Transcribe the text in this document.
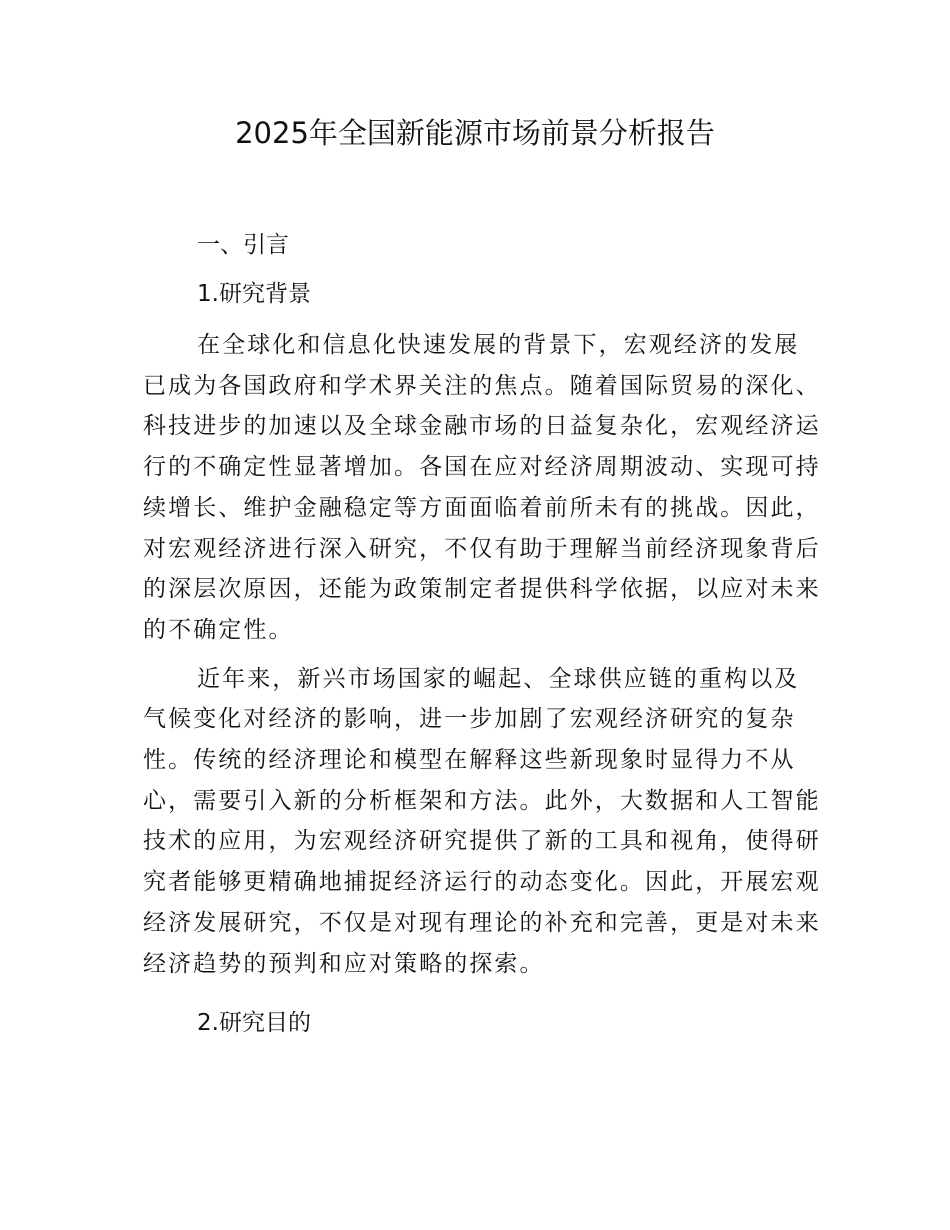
2025年全国新能源市场前景分析报告
一、引言
1.研究背景

在全球化和信息化快速发展的背景下，宏观经济的发展
已成为各国政府和学术界关注的焦点。随着国际贸易的深化、
科技进步的加速以及全球金融市场的日益复杂化，宏观经济运
行的不确定性显著增加。各国在应对经济周期波动、实现可持
续增长、维护金融稳定等方面面临着前所未有的挑战。因此，
对宏观经济进行深入研究，不仅有助于理解当前经济现象背后
的深层次原因，还能为政策制定者提供科学依据，以应对未来
的不确定性。

近年来，新兴市场国家的崛起、全球供应链的重构以及
气候变化对经济的影响，进一步加剧了宏观经济研究的复杂
性。传统的经济理论和模型在解释这些新现象时显得力不从
心，需要引入新的分析框架和方法。此外，大数据和人工智能
技术的应用，为宏观经济研究提供了新的工具和视角，使得研
究者能够更精确地捕捉经济运行的动态变化。因此，开展宏观
经济发展研究，不仅是对现有理论的补充和完善，更是对未来
经济趋势的预判和应对策略的探索。

2.研究目的
